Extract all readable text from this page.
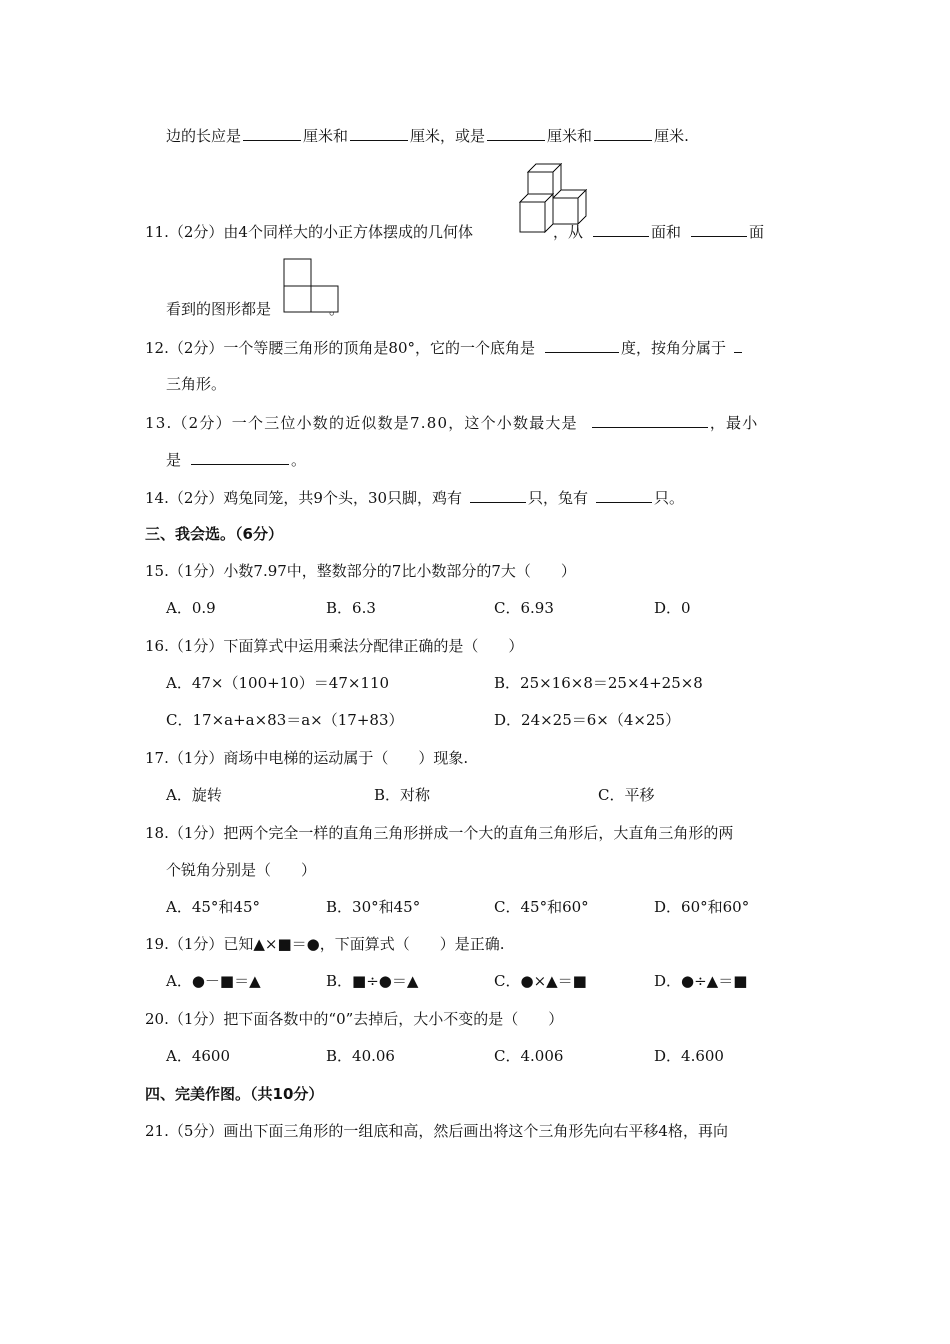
边的长应是	厘米和	厘米，或是	厘米和	厘米.
11.（2分）由4个同样大的小正方体摆成的几何体	，从	面和	面
看到的图形都是	。
12.（2分）一个等腰三角形的顶角是80°，它的一个底角是	度，按角分属于
三角形。
13.（2分）一个三位小数的近似数是7.80，这个小数最大是	，最小
是	。
14.（2分）鸡兔同笼，共9个头，30只脚，鸡有	只，兔有	只。
三、我会选。（6分）
15.（1分）小数7.97中，整数部分的7比小数部分的7大（　　）
A．0.9	B．6.3	C．6.93	D．0
16.（1分）下面算式中运用乘法分配律正确的是（　　）
A．47×（100+10）＝47×110	B．25×16×8＝25×4+25×8
C．17×a+a×83＝a×（17+83）	D．24×25＝6×（4×25）
17.（1分）商场中电梯的运动属于（　　）现象.
A．旋转	B．对称	C．平移
18.（1分）把两个完全一样的直角三角形拼成一个大的直角三角形后，大直角三角形的两
个锐角分别是（　　）
A．45°和45°	B．30°和45°	C．45°和60°	D．60°和60°
19.（1分）已知▲×■＝●，下面算式（　　）是正确.
A．●－■＝▲	B．■÷●＝▲	C．●×▲＝■	D．●÷▲＝■
20.（1分）把下面各数中的“0”去掉后，大小不变的是（　　）
A．4600	B．40.06	C．4.006	D．4.600
四、完美作图。（共10分）
21.（5分）画出下面三角形的一组底和高，然后画出将这个三角形先向右平移4格，再向
